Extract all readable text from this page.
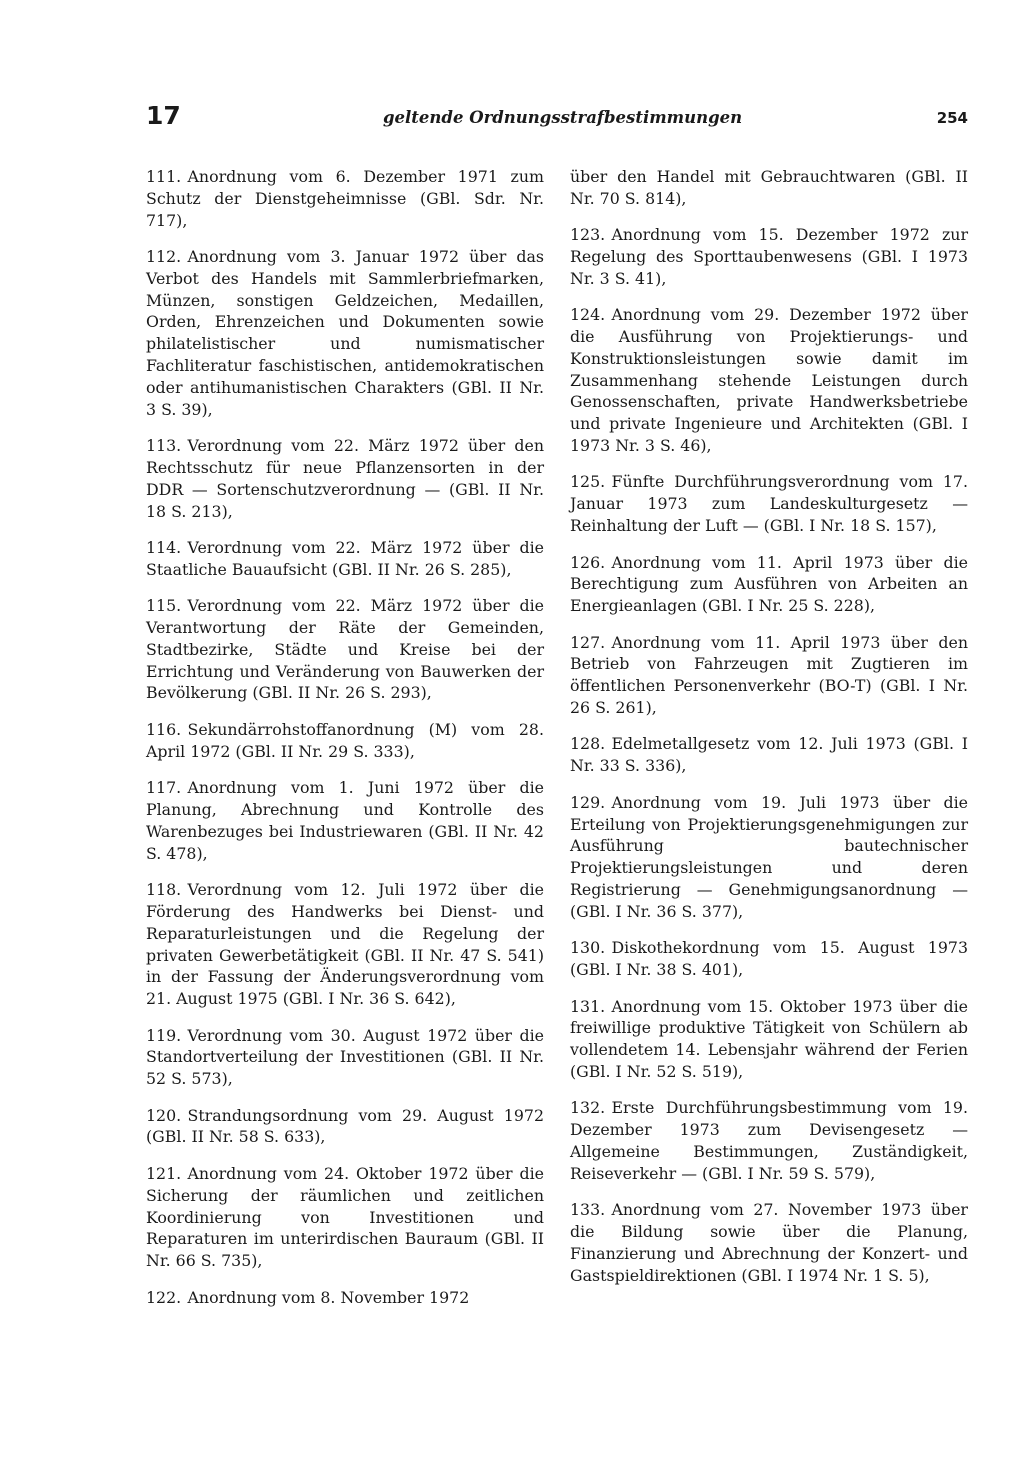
17	geltende Ordnungsstrafbestimmungen	254

111. Anordnung vom 6. Dezember 1971 zum Schutz der Dienstgeheimnisse (GBl. Sdr. Nr. 717),

112. Anordnung vom 3. Januar 1972 über das Verbot des Handels mit Sammlerbriefmarken, Münzen, sonstigen Geldzeichen, Medaillen, Orden, Ehrenzeichen und Dokumenten sowie philatelistischer und numismatischer Fachliteratur faschistischen, antidemokratischen oder antihumanistischen Charakters (GBl. II Nr. 3 S. 39),

113. Verordnung vom 22. März 1972 über den Rechtsschutz für neue Pflanzensorten in der DDR — Sortenschutzverordnung — (GBl. II Nr. 18 S. 213),

114. Verordnung vom 22. März 1972 über die Staatliche Bauaufsicht (GBl. II Nr. 26 S. 285),

115. Verordnung vom 22. März 1972 über die Verantwortung der Räte der Gemeinden, Stadtbezirke, Städte und Kreise bei der Errichtung und Veränderung von Bauwerken der Bevölkerung (GBl. II Nr. 26 S. 293),

116. Sekundärrohstoffanordnung (M) vom 28. April 1972 (GBl. II Nr. 29 S. 333),

117. Anordnung vom 1. Juni 1972 über die Planung, Abrechnung und Kontrolle des Warenbezuges bei Industriewaren (GBl. II Nr. 42 S. 478),

118. Verordnung vom 12. Juli 1972 über die Förderung des Handwerks bei Dienst- und Reparaturleistungen und die Regelung der privaten Gewerbetätigkeit (GBl. II Nr. 47 S. 541) in der Fassung der Änderungsverordnung vom 21. August 1975 (GBl. I Nr. 36 S. 642),

119. Verordnung vom 30. August 1972 über die Standortverteilung der Investitionen (GBl. II Nr. 52 S. 573),

120. Strandungsordnung vom 29. August 1972 (GBl. II Nr. 58 S. 633),

121. Anordnung vom 24. Oktober 1972 über die Sicherung der räumlichen und zeitlichen Koordinierung von Investitionen und Reparaturen im unterirdischen Bauraum (GBl. II Nr. 66 S. 735),

122. Anordnung vom 8. November 1972

über den Handel mit Gebrauchtwaren (GBl. II Nr. 70 S. 814),

123. Anordnung vom 15. Dezember 1972 zur Regelung des Sporttaubenwesens (GBl. I 1973 Nr. 3 S. 41),

124. Anordnung vom 29. Dezember 1972 über die Ausführung von Projektierungs- und Konstruktionsleistungen sowie damit im Zusammenhang stehende Leistungen durch Genossenschaften, private Handwerksbetriebe und private Ingenieure und Architekten (GBl. I 1973 Nr. 3 S. 46),

125. Fünfte Durchführungsverordnung vom 17. Januar 1973 zum Landeskulturgesetz — Reinhaltung der Luft — (GBl. I Nr. 18 S. 157),

126. Anordnung vom 11. April 1973 über die Berechtigung zum Ausführen von Arbeiten an Energieanlagen (GBl. I Nr. 25 S. 228),

127. Anordnung vom 11. April 1973 über den Betrieb von Fahrzeugen mit Zugtieren im öffentlichen Personenverkehr (BO-T) (GBl. I Nr. 26 S. 261),

128. Edelmetallgesetz vom 12. Juli 1973 (GBl. I Nr. 33 S. 336),

129. Anordnung vom 19. Juli 1973 über die Erteilung von Projektierungsgenehmigungen zur Ausführung bautechnischer Projektierungsleistungen und deren Registrierung — Genehmigungsanordnung — (GBl. I Nr. 36 S. 377),

130. Diskothekordnung vom 15. August 1973 (GBl. I Nr. 38 S. 401),

131. Anordnung vom 15. Oktober 1973 über die freiwillige produktive Tätigkeit von Schülern ab vollendetem 14. Lebensjahr während der Ferien (GBl. I Nr. 52 S. 519),

132. Erste Durchführungsbestimmung vom 19. Dezember 1973 zum Devisengesetz — Allgemeine Bestimmungen, Zuständigkeit, Reiseverkehr — (GBl. I Nr. 59 S. 579),

133. Anordnung vom 27. November 1973 über die Bildung sowie über die Planung, Finanzierung und Abrechnung der Konzert- und Gastspieldirektionen (GBl. I 1974 Nr. 1 S. 5),
